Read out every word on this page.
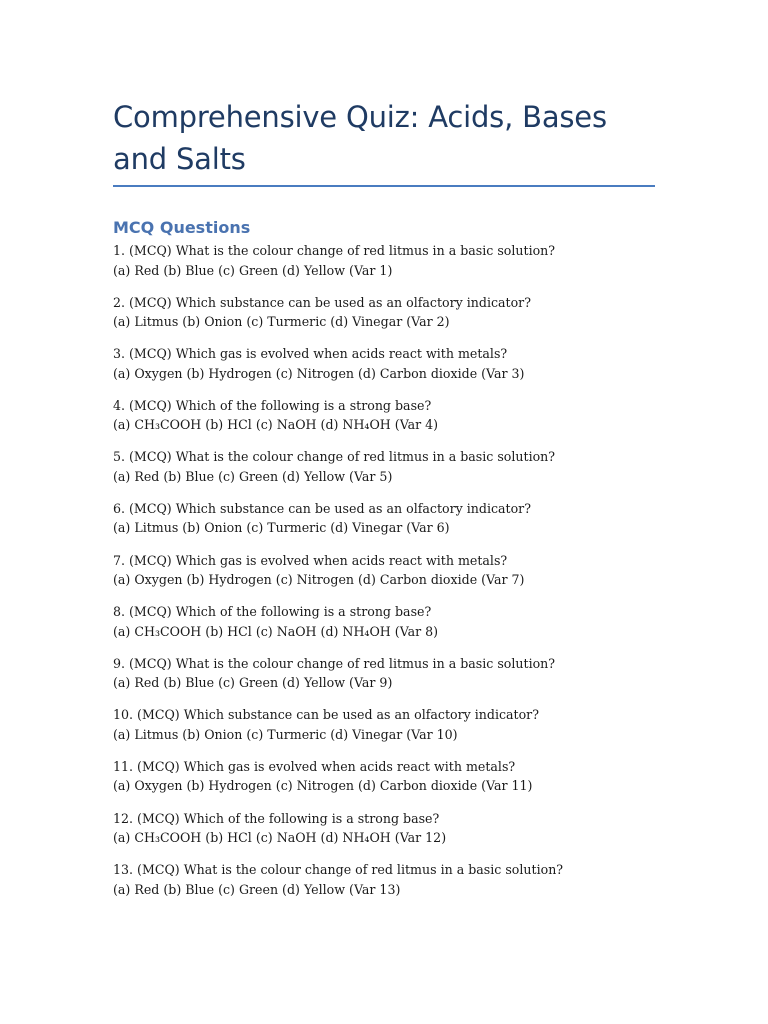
Comprehensive Quiz: Acids, Bases and Salts
MCQ Questions
1. (MCQ) What is the colour change of red litmus in a basic solution?
(a) Red (b) Blue (c) Green (d) Yellow (Var 1)
2. (MCQ) Which substance can be used as an olfactory indicator?
(a) Litmus (b) Onion (c) Turmeric (d) Vinegar (Var 2)
3. (MCQ) Which gas is evolved when acids react with metals?
(a) Oxygen (b) Hydrogen (c) Nitrogen (d) Carbon dioxide (Var 3)
4. (MCQ) Which of the following is a strong base?
(a) CH₃COOH (b) HCl (c) NaOH (d) NH₄OH (Var 4)
5. (MCQ) What is the colour change of red litmus in a basic solution?
(a) Red (b) Blue (c) Green (d) Yellow (Var 5)
6. (MCQ) Which substance can be used as an olfactory indicator?
(a) Litmus (b) Onion (c) Turmeric (d) Vinegar (Var 6)
7. (MCQ) Which gas is evolved when acids react with metals?
(a) Oxygen (b) Hydrogen (c) Nitrogen (d) Carbon dioxide (Var 7)
8. (MCQ) Which of the following is a strong base?
(a) CH₃COOH (b) HCl (c) NaOH (d) NH₄OH (Var 8)
9. (MCQ) What is the colour change of red litmus in a basic solution?
(a) Red (b) Blue (c) Green (d) Yellow (Var 9)
10. (MCQ) Which substance can be used as an olfactory indicator?
(a) Litmus (b) Onion (c) Turmeric (d) Vinegar (Var 10)
11. (MCQ) Which gas is evolved when acids react with metals?
(a) Oxygen (b) Hydrogen (c) Nitrogen (d) Carbon dioxide (Var 11)
12. (MCQ) Which of the following is a strong base?
(a) CH₃COOH (b) HCl (c) NaOH (d) NH₄OH (Var 12)
13. (MCQ) What is the colour change of red litmus in a basic solution?
(a) Red (b) Blue (c) Green (d) Yellow (Var 13)
